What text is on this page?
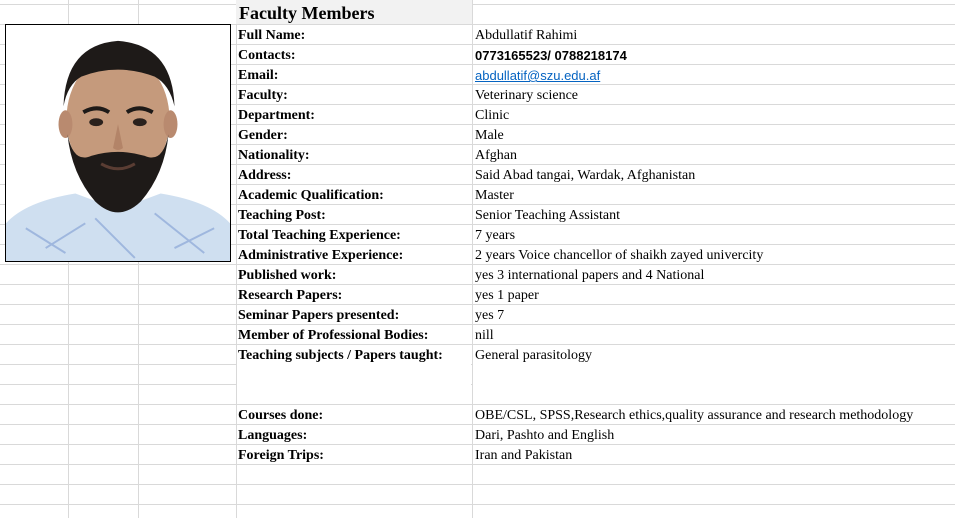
Faculty Members
Full Name:	Abdullatif Rahimi
Contacts:	0773165523/ 0788218174
Email:	abdullatif@szu.edu.af
Faculty:	Veterinary science
Department:	Clinic
Gender:	Male
Nationality:	Afghan
Address:	Said Abad tangai, Wardak, Afghanistan
Academic Qualification:	Master
Teaching Post:	Senior Teaching Assistant
Total Teaching Experience:	7 years
Administrative Experience:	2 years Voice chancellor of shaikh zayed univercity
Published work:	yes 3 international papers and 4 National
Research Papers:	yes 1 paper
Seminar Papers presented:	yes 7
Member of Professional Bodies:	nill
Teaching subjects / Papers taught:	General parasitology
Courses done:	OBE/CSL, SPSS,Research ethics,quality assurance and research methodology
Languages:	Dari, Pashto and English
Foreign Trips:	Iran and Pakistan
